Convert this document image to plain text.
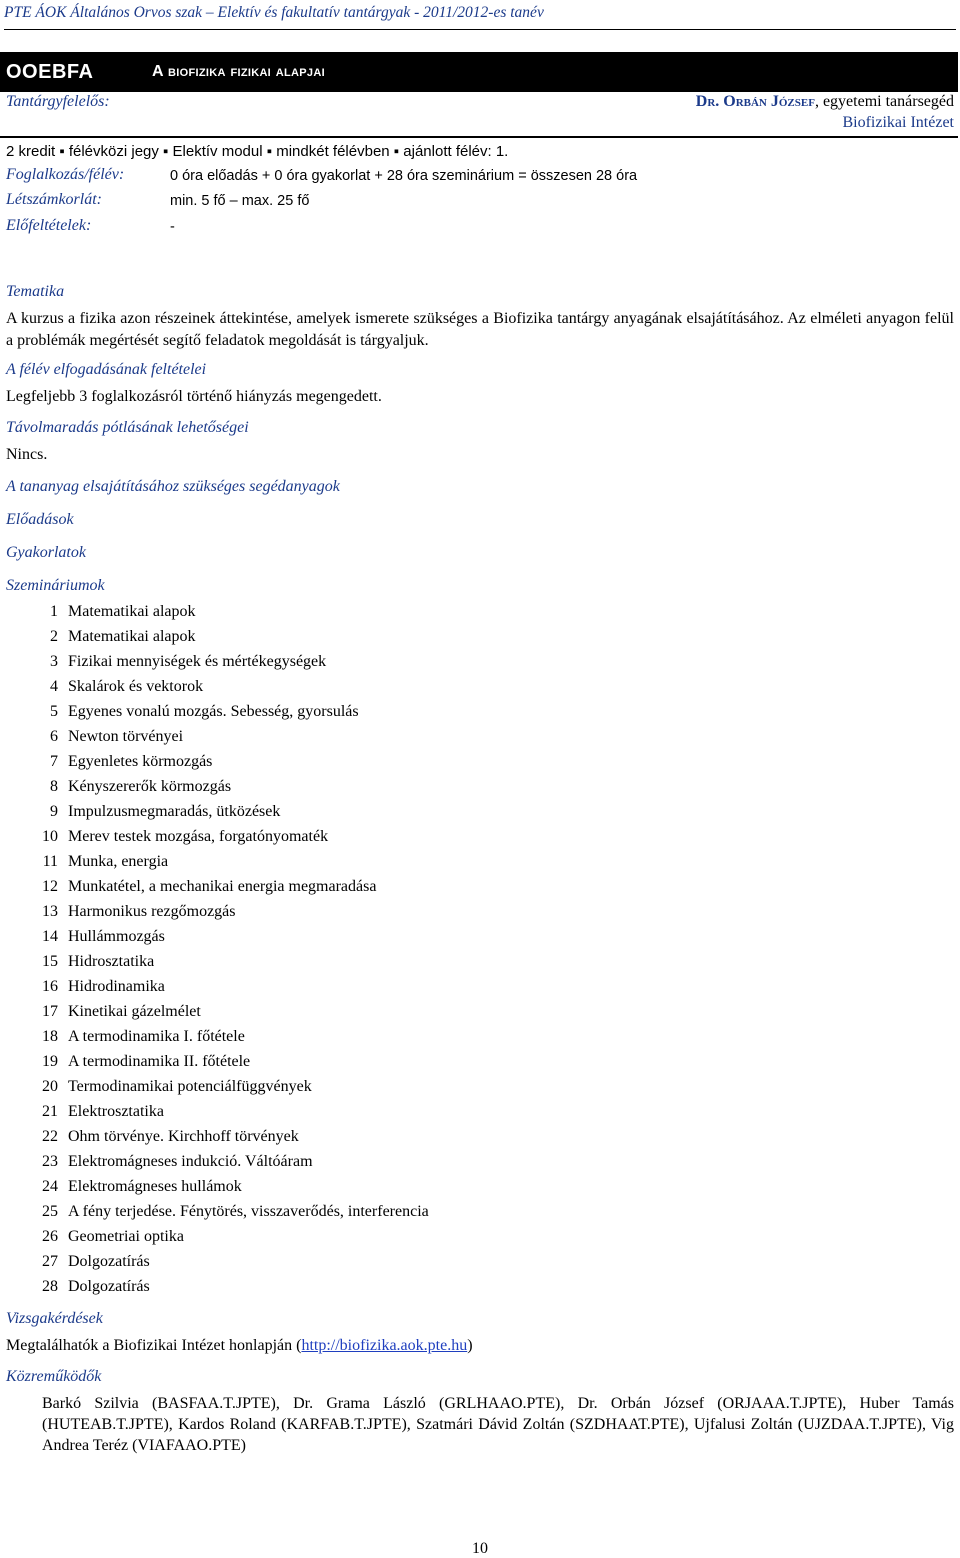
PTE ÁOK Általános Orvos szak – Elektív és fakultatív tantárgyak - 2011/2012-es tanév
OOEBFA	A biofizika fizikai alapjai
Tantárgyfelelős:	Dr. Orbán József, egyetemi tanársegéd
Biofizikai Intézet
2 kredit ▪ félévközi jegy ▪ Elektív modul ▪ mindkét félévben ▪ ajánlott félév: 1.
Foglalkozás/félév:	0 óra előadás + 0 óra gyakorlat + 28 óra szeminárium = összesen 28 óra
Létszámkorlát:	min. 5 fő – max. 25 fő
Előfeltételek:	-
Tematika
A kurzus a fizika azon részeinek áttekintése, amelyek ismerete szükséges a Biofizika tantárgy anyagának elsajátításához. Az elméleti anyagon felül a problémák megértését segítő feladatok megoldását is tárgyaljuk.
A félév elfogadásának feltételei
Legfeljebb 3 foglalkozásról történő hiányzás megengedett.
Távolmaradás pótlásának lehetőségei
Nincs.
A tananyag elsajátításához szükséges segédanyagok
Előadások
Gyakorlatok
Szemináriumok
1 Matematikai alapok
2 Matematikai alapok
3 Fizikai mennyiségek és mértékegységek
4 Skalárok és vektorok
5 Egyenes vonalú mozgás. Sebesség, gyorsulás
6 Newton törvényei
7 Egyenletes körmozgás
8 Kényszererők körmozgás
9 Impulzusmegmaradás, ütközések
10 Merev testek mozgása, forgatónyomaték
11 Munka, energia
12 Munkatétel, a mechanikai energia megmaradása
13 Harmonikus rezgőmozgás
14 Hullámmozgás
15 Hidrosztatika
16 Hidrodinamika
17 Kinetikai gázelmélet
18 A termodinamika I. főtétele
19 A termodinamika II. főtétele
20 Termodinamikai potenciálfüggvények
21 Elektrosztatika
22 Ohm törvénye. Kirchhoff törvények
23 Elektromágneses indukció. Váltóáram
24 Elektromágneses hullámok
25 A fény terjedése. Fénytörés, visszaverődés, interferencia
26 Geometriai optika
27 Dolgozatírás
28 Dolgozatírás
Vizsgakérdések
Megtalálhatók a Biofizikai Intézet honlapján (http://biofizika.aok.pte.hu)
Közreműködők
Barkó Szilvia (BASFAA.T.JPTE), Dr. Grama László (GRLHAAO.PTE), Dr. Orbán József (ORJAAA.T.JPTE), Huber Tamás (HUTEAB.T.JPTE), Kardos Roland (KARFAB.T.JPTE), Szatmári Dávid Zoltán (SZDHAAT.PTE), Ujfalusi Zoltán (UJZDAA.T.JPTE), Vig Andrea Teréz (VIAFAAO.PTE)
10
